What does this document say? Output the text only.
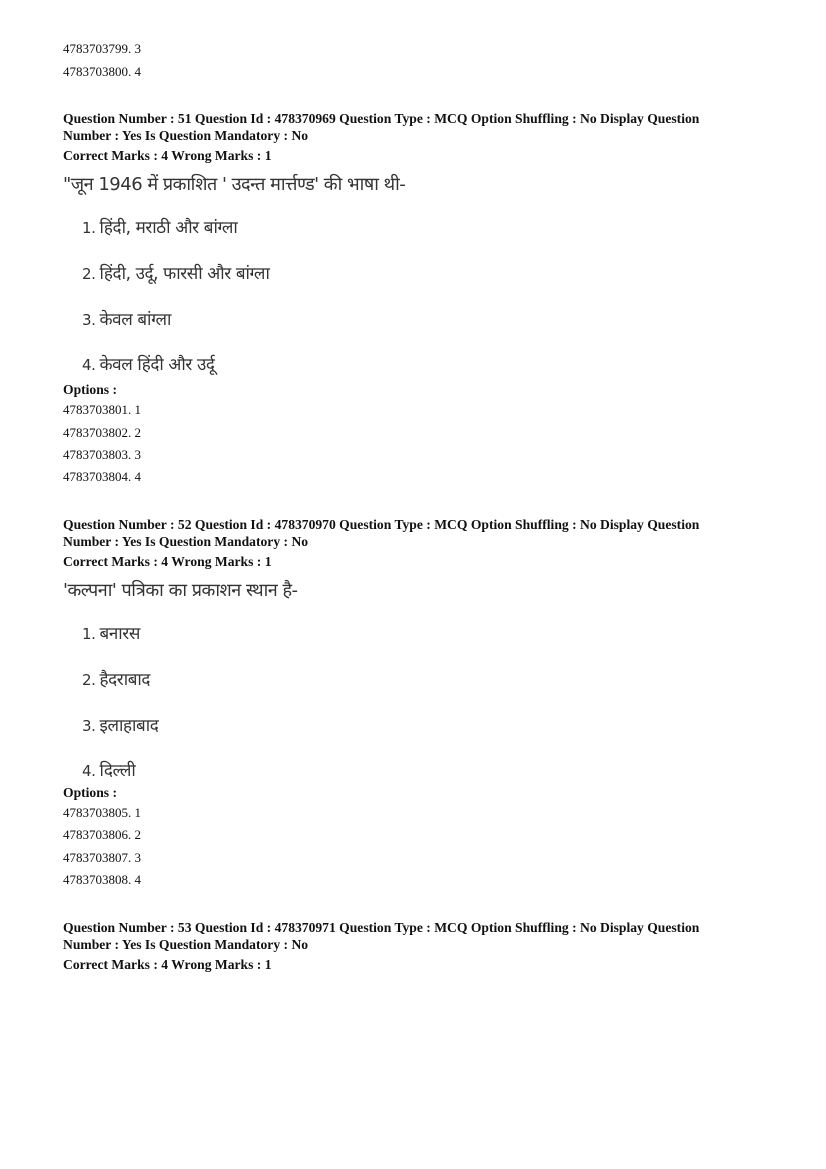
4783703799. 3
4783703800. 4
Question Number : 51 Question Id : 478370969 Question Type : MCQ Option Shuffling : No Display Question
Number : Yes Is Question Mandatory : No
Correct Marks : 4 Wrong Marks : 1
"जून 1946 में प्रकाशित ' उदन्त मार्त्तण्ड' की भाषा थी-
1. हिंदी, मराठी और बांग्ला
2. हिंदी, उर्दू, फारसी और बांग्ला
3. केवल बांग्ला
4. केवल हिंदी और उर्दू
Options :
4783703801. 1
4783703802. 2
4783703803. 3
4783703804. 4
Question Number : 52 Question Id : 478370970 Question Type : MCQ Option Shuffling : No Display Question
Number : Yes Is Question Mandatory : No
Correct Marks : 4 Wrong Marks : 1
'कल्पना' पत्रिका का प्रकाशन स्थान है-
1. बनारस
2. हैदराबाद
3. इलाहाबाद
4. दिल्ली
Options :
4783703805. 1
4783703806. 2
4783703807. 3
4783703808. 4
Question Number : 53 Question Id : 478370971 Question Type : MCQ Option Shuffling : No Display Question
Number : Yes Is Question Mandatory : No
Correct Marks : 4 Wrong Marks : 1
